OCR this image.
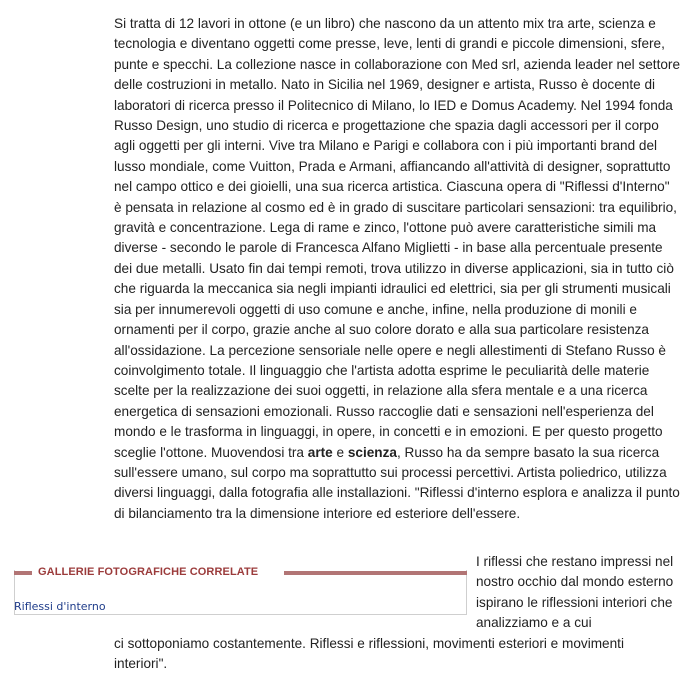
Si tratta di 12 lavori in ottone (e un libro) che nascono da un attento mix tra arte, scienza e tecnologia e diventano oggetti come presse, leve, lenti di grandi e piccole dimensioni, sfere, punte e specchi. La collezione nasce in collaborazione con Med srl, azienda leader nel settore delle costruzioni in metallo. Nato in Sicilia nel 1969, designer e artista, Russo è docente di laboratori di ricerca presso il Politecnico di Milano, lo IED e Domus Academy. Nel 1994 fonda Russo Design, uno studio di ricerca e progettazione che spazia dagli accessori per il corpo agli oggetti per gli interni. Vive tra Milano e Parigi e collabora con i più importanti brand del lusso mondiale, come Vuitton, Prada e Armani, affiancando all'attività di designer, soprattutto nel campo ottico e dei gioielli, una sua ricerca artistica. Ciascuna opera di "Riflessi d'Interno" è pensata in relazione al cosmo ed è in grado di suscitare particolari sensazioni: tra equilibrio, gravità e concentrazione. Lega di rame e zinco, l'ottone può avere caratteristiche simili ma diverse - secondo le parole di Francesca Alfano Miglietti - in base alla percentuale presente dei due metalli. Usato fin dai tempi remoti, trova utilizzo in diverse applicazioni, sia in tutto ciò che riguarda la meccanica sia negli impianti idraulici ed elettrici, sia per gli strumenti musicali sia per innumerevoli oggetti di uso comune e anche, infine, nella produzione di monili e ornamenti per il corpo, grazie anche al suo colore dorato e alla sua particolare resistenza all'ossidazione. La percezione sensoriale nelle opere e negli allestimenti di Stefano Russo è coinvolgimento totale. Il linguaggio che l'artista adotta esprime le peculiarità delle materie scelte per la realizzazione dei suoi oggetti, in relazione alla sfera mentale e a una ricerca energetica di sensazioni emozionali. Russo raccoglie dati e sensazioni nell'esperienza del mondo e le trasforma in linguaggi, in opere, in concetti e in emozioni. E per questo progetto sceglie l'ottone. Muovendosi tra arte e scienza, Russo ha da sempre basato la sua ricerca sull'essere umano, sul corpo ma soprattutto sui processi percettivi. Artista poliedrico, utilizza diversi linguaggi, dalla fotografia alle installazioni. "Riflessi d'interno esplora e analizza il punto di bilanciamento tra la dimensione interiore ed esteriore dell'essere.

GALLERIE FOTOGRAFICHE CORRELATE
Riflessi d'interno

I riflessi che restano impressi nel nostro occhio dal mondo esterno ispirano le riflessioni interiori che analizziamo e a cui

ci sottoponiamo costantemente. Riflessi e riflessioni, movimenti esteriori e movimenti interiori".
